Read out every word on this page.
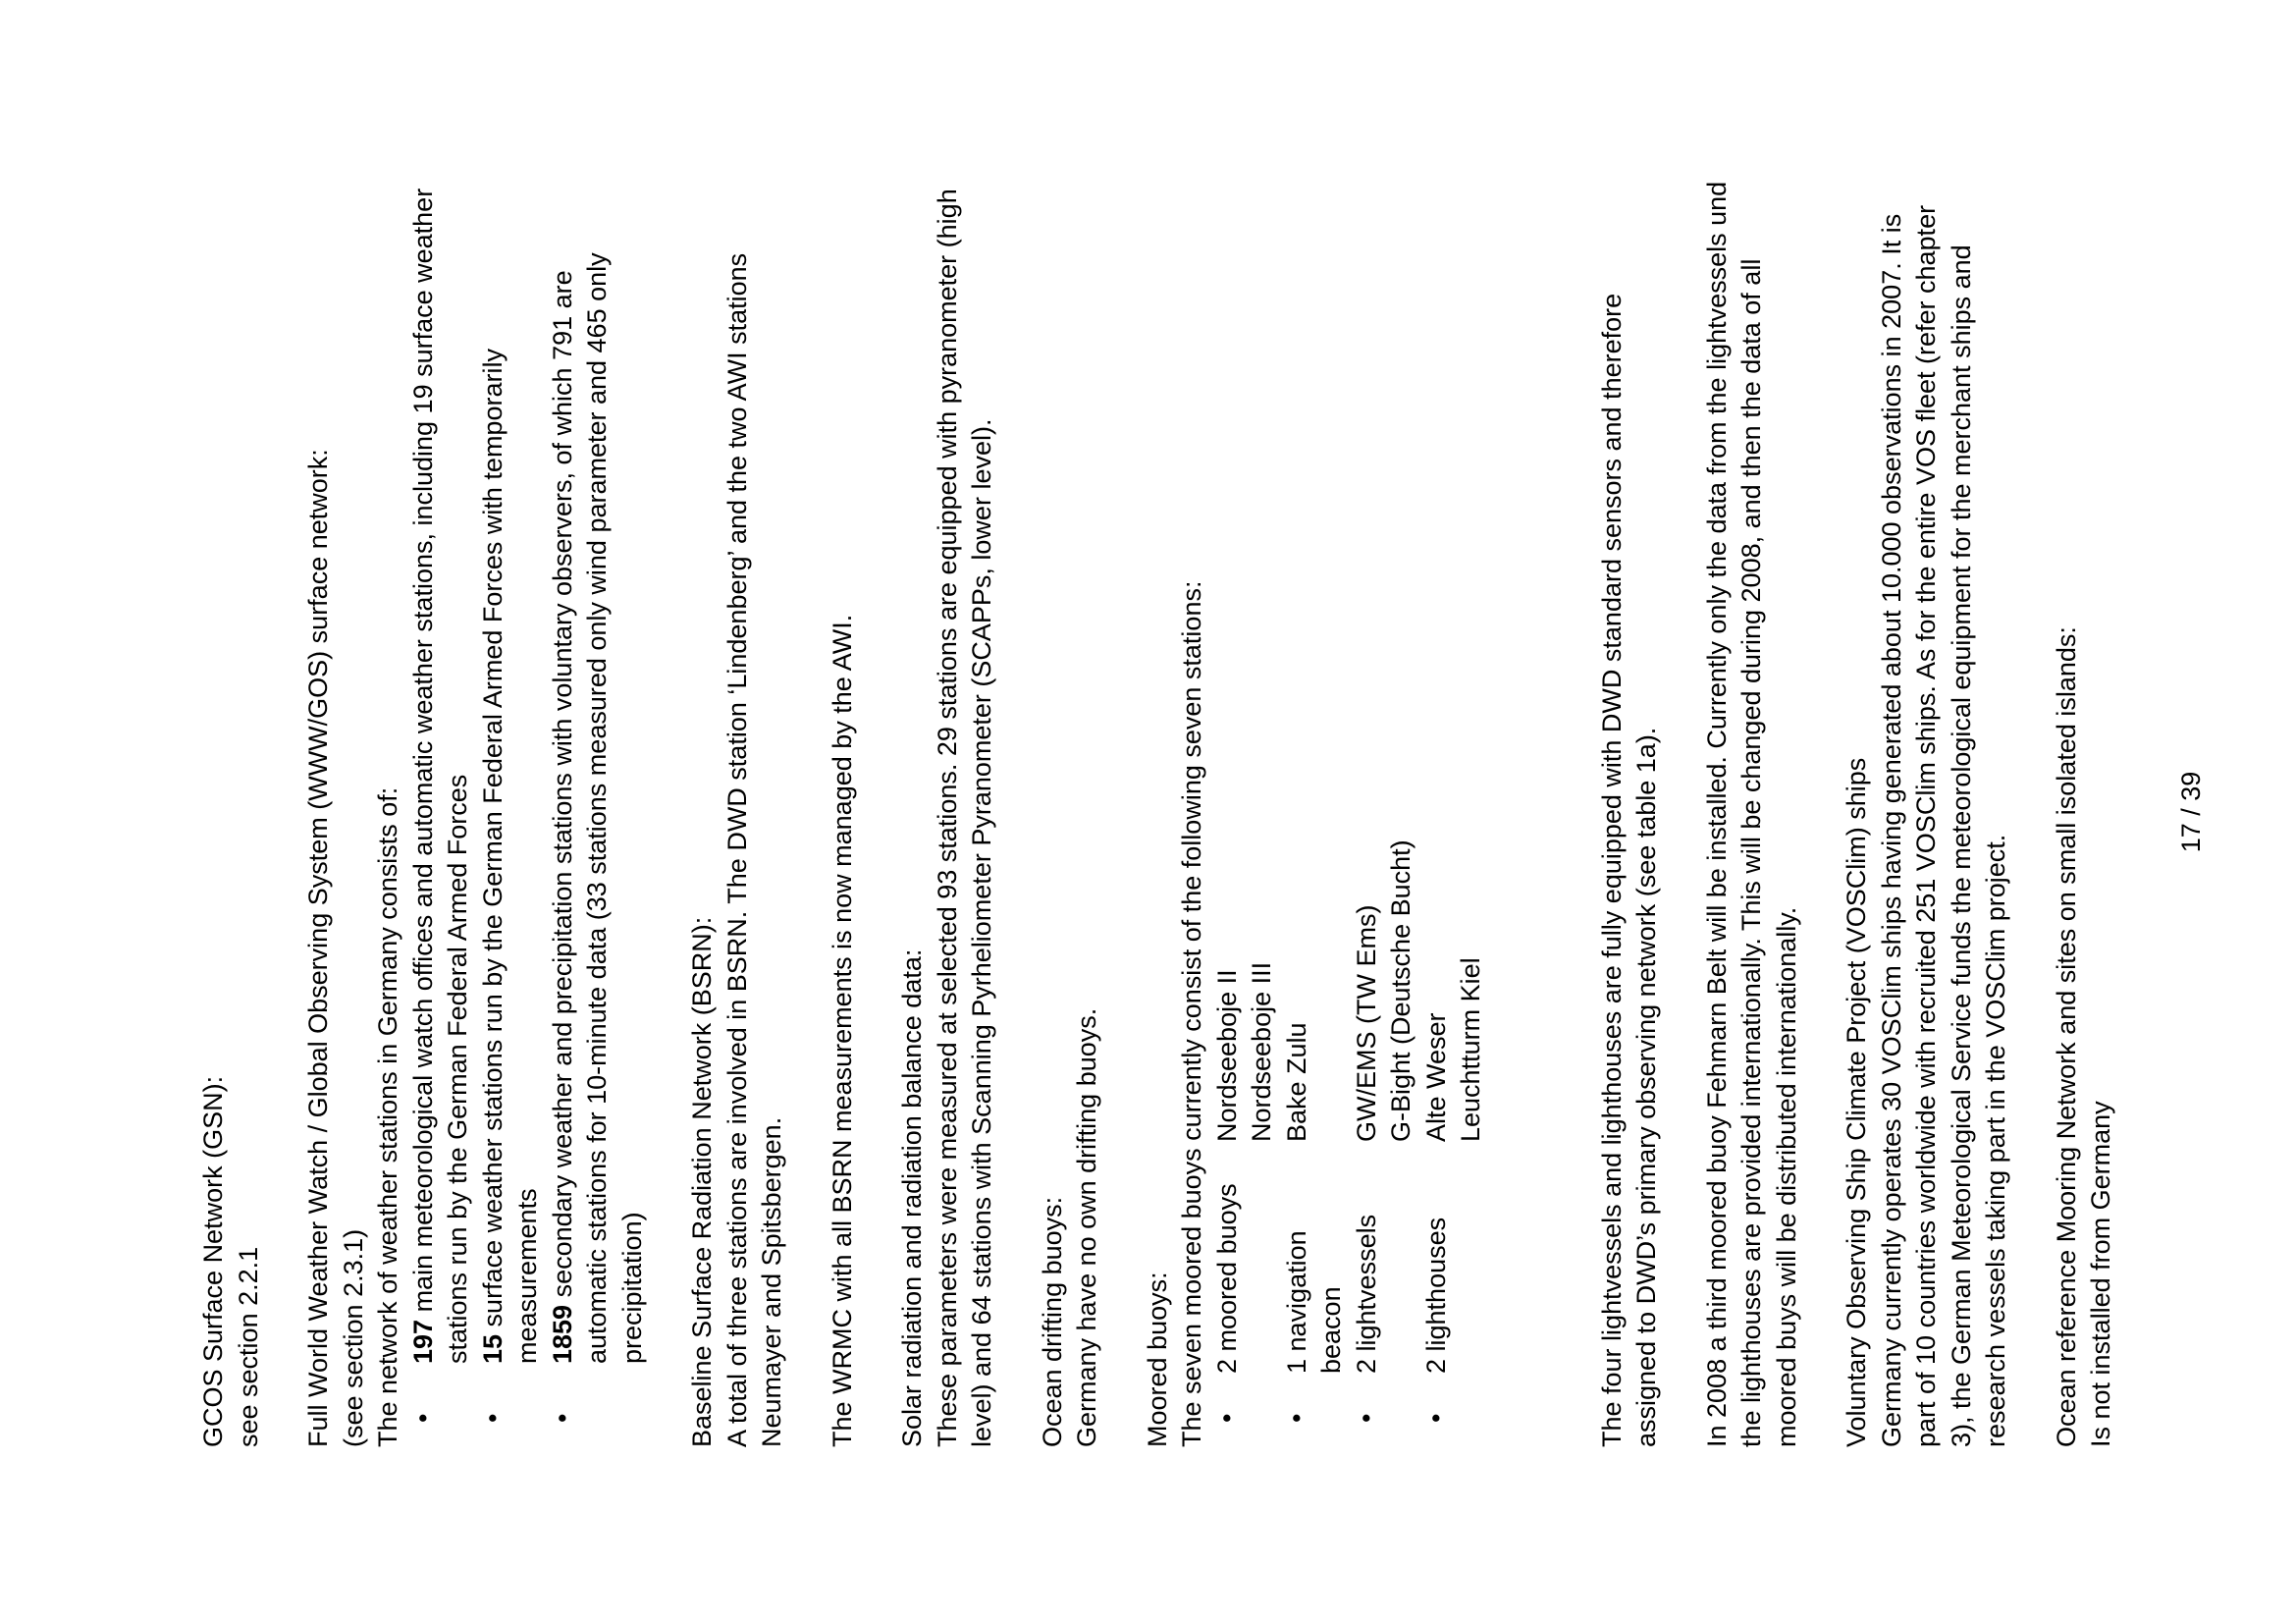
GCOS Surface Network (GSN): see section 2.2.1 Full World Weather Watch / Global Observing System (WWW/GOS) surface network: (see section 2.3.1) The network of weather stations in Germany consists of: • 197 main meteorological watch offices and automatic weather stations, including 19 surface weather stations run by the German Federal Armed Forces • 15 surface weather stations run by the German Federal Armed Forces with temporarily measurements • 1859 secondary weather and precipitation stations with voluntary observers, of which 791 are automatic stations for 10-minute data (33 stations measured only wind parameter and 465 only precipitation) Baseline Surface Radiation Network (BSRN): A total of three stations are involved in BSRN. The DWD station ‘Lindenberg’ and the two AWI stations Neumayer and Spitsbergen. The WRMC with all BSRN measurements is now managed by the AWI. Solar radiation and radiation balance data: These parameters were measured at selected 93 stations. 29 stations are equipped with pyranometer (high level) and 64 stations with Scanning Pyrheliometer Pyranometer (SCAPPs, lower level). Ocean drifting buoys: Germany have no own drifting buoys. Moored buoys: The seven moored buoys currently consist of the following seven stations: •
2 moored buoys
Nordseeboje II Nordseeboje III
•
1 navigation beacon
Bake Zulu
•
2 lightvessels
GW/EMS (TW Ems) G-Bight (Deutsche Bucht)
•
2 lighthouses
Alte Weser Leuchtturm Kiel	The four lightvessels and lighthouses are fully equipped with DWD standard sensors and therefore assigned to DWD’s primary observing network (see table 1a). In 2008 a third moored buoy Fehmarn Belt will be installed. Currently only the data from the lightvessels und the lighthouses are provided internationally. This will be changed during 2008, and then the data of all moored buys will be distributed internationally. Voluntary Observing Ship Climate Project (VOSClim) ships Germany currently operates 30 VOSClim ships having generated about 10.000 observations in 2007. It is part of 10 countries worldwide with recruited 251 VOSClim ships. As for the entire VOS fleet (refer chapter 3), the German Meteorological Service funds the meteorological equipment for the merchant ships and research vessels taking part in the VOSClim project. Ocean reference Mooring Network and sites on small isolated islands: Is not installed from Germany

17 / 39
